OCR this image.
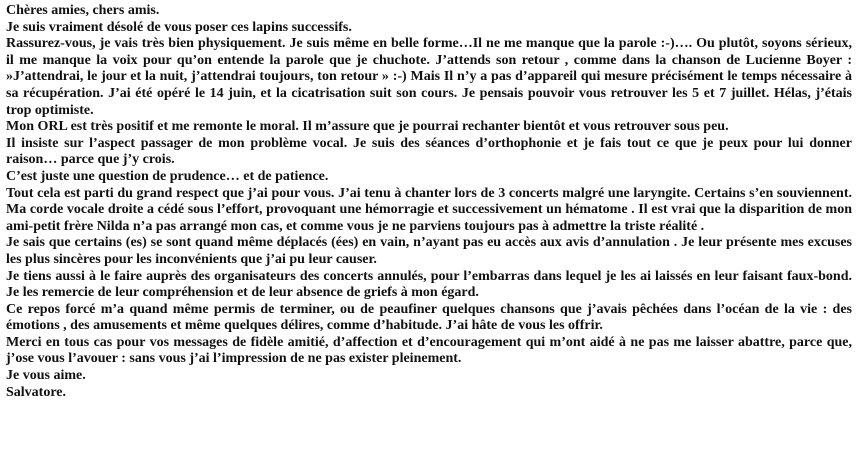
Chères amies, chers amis.

Je suis vraiment désolé de vous poser ces lapins successifs.

Rassurez-vous, je vais très bien physiquement. Je suis même en belle forme…Il ne me manque que la parole :-)…. Ou plutôt, soyons sérieux, il me manque la voix pour qu’on entende la parole que je chuchote. J’attends son retour , comme dans la chanson de Lucienne Boyer : »J’attendrai, le jour et la nuit, j’attendrai toujours, ton retour » :-) Mais Il n’y a pas d’appareil qui mesure précisément le temps nécessaire à sa récupération. J’ai été opéré le 14 juin, et la cicatrisation suit son cours. Je pensais pouvoir vous retrouver les 5 et 7 juillet. Hélas, j’étais trop optimiste.

Mon ORL est très positif et me remonte le moral. Il m’assure que je pourrai rechanter bientôt et vous retrouver sous peu.

Il insiste sur l’aspect passager de mon problème vocal. Je suis des séances d’orthophonie et je fais tout ce que je peux pour lui donner raison… parce que j’y crois.

C’est juste une question de prudence… et de patience.

Tout cela est parti du grand respect que j’ai pour vous. J’ai tenu à chanter lors de 3 concerts malgré une laryngite. Certains s’en souviennent. Ma corde vocale droite a cédé sous l’effort, provoquant une hémorragie et successivement un hématome . Il est vrai que la disparition de mon ami-petit frère Nilda n’a pas arrangé mon cas, et comme vous je ne parviens toujours pas à admettre la triste réalité .

Je sais que certains (es) se sont quand même déplacés (ées) en vain, n’ayant pas eu accès aux avis d’annulation . Je leur présente mes excuses les plus sincères pour les inconvénients que j’ai pu leur causer.

Je tiens aussi à le faire auprès des organisateurs des concerts annulés, pour l’embarras dans lequel je les ai laissés en leur faisant faux-bond. Je les remercie de leur compréhension et de leur absence de griefs à mon égard.

Ce repos forcé m’a quand même permis de terminer, ou de peaufiner quelques chansons que j’avais pêchées dans l’océan de la vie : des émotions , des amusements et même quelques délires, comme d’habitude. J’ai hâte de vous les offrir.

Merci en tous cas pour vos messages de fidèle amitié, d’affection et d’encouragement qui m’ont aidé à ne pas me laisser abattre, parce que, j’ose vous l’avouer : sans vous j’ai l’impression de ne pas exister pleinement.

Je vous aime.

Salvatore.
